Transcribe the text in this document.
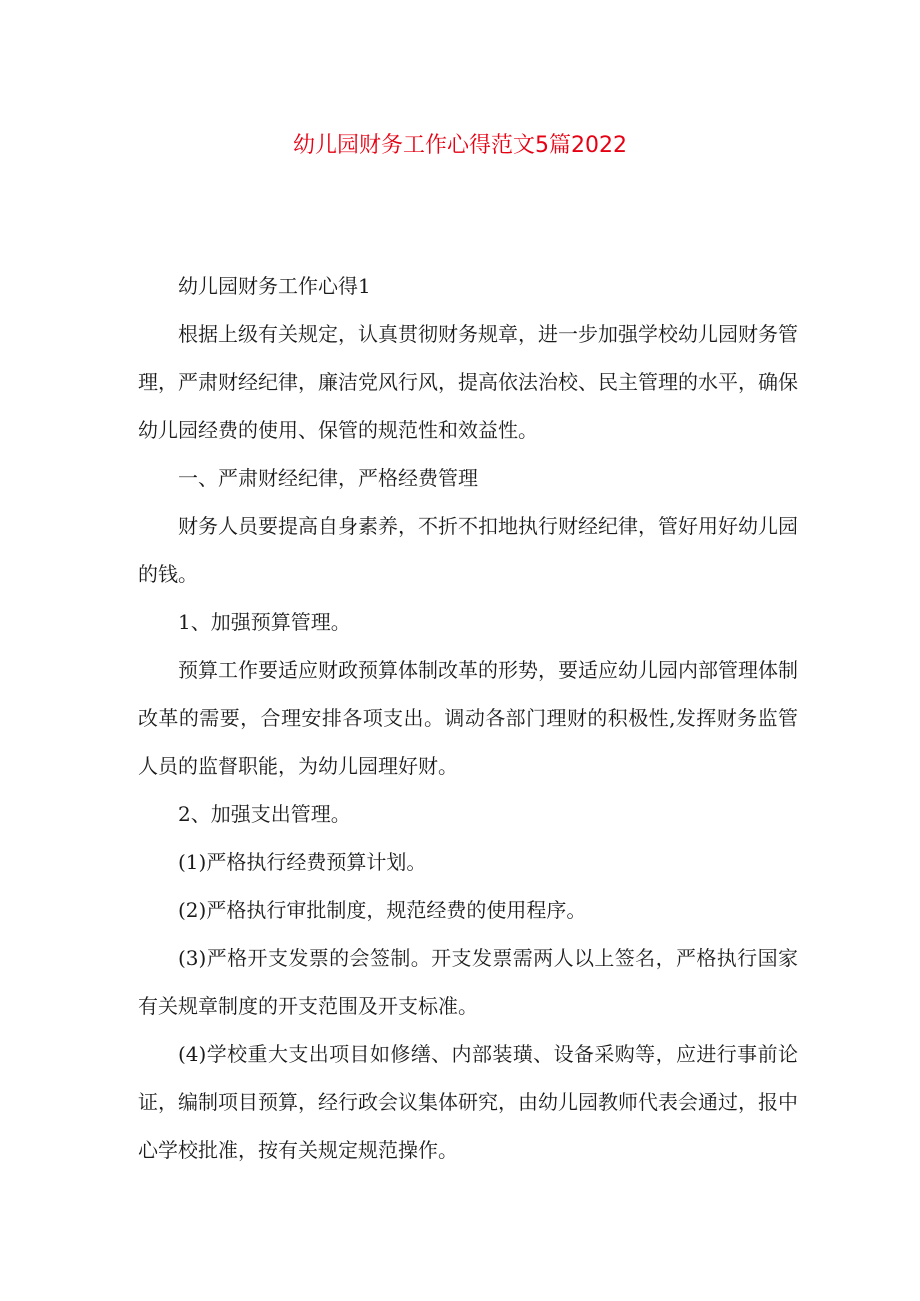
幼儿园财务工作心得范文5篇2022

幼儿园财务工作心得1

根据上级有关规定，认真贯彻财务规章，进一步加强学校幼儿园财务管理，严肃财经纪律，廉洁党风行风，提高依法治校、民主管理的水平，确保幼儿园经费的使用、保管的规范性和效益性。

一、严肃财经纪律，严格经费管理

财务人员要提高自身素养，不折不扣地执行财经纪律，管好用好幼儿园的钱。

1、加强预算管理。

预算工作要适应财政预算体制改革的形势，要适应幼儿园内部管理体制改革的需要，合理安排各项支出。调动各部门理财的积极性,发挥财务监管人员的监督职能，为幼儿园理好财。

2、加强支出管理。

(1)严格执行经费预算计划。

(2)严格执行审批制度，规范经费的使用程序。

(3)严格开支发票的会签制。开支发票需两人以上签名，严格执行国家有关规章制度的开支范围及开支标准。

(4)学校重大支出项目如修缮、内部装璜、设备采购等，应进行事前论证，编制项目预算，经行政会议集体研究，由幼儿园教师代表会通过，报中心学校批准，按有关规定规范操作。
